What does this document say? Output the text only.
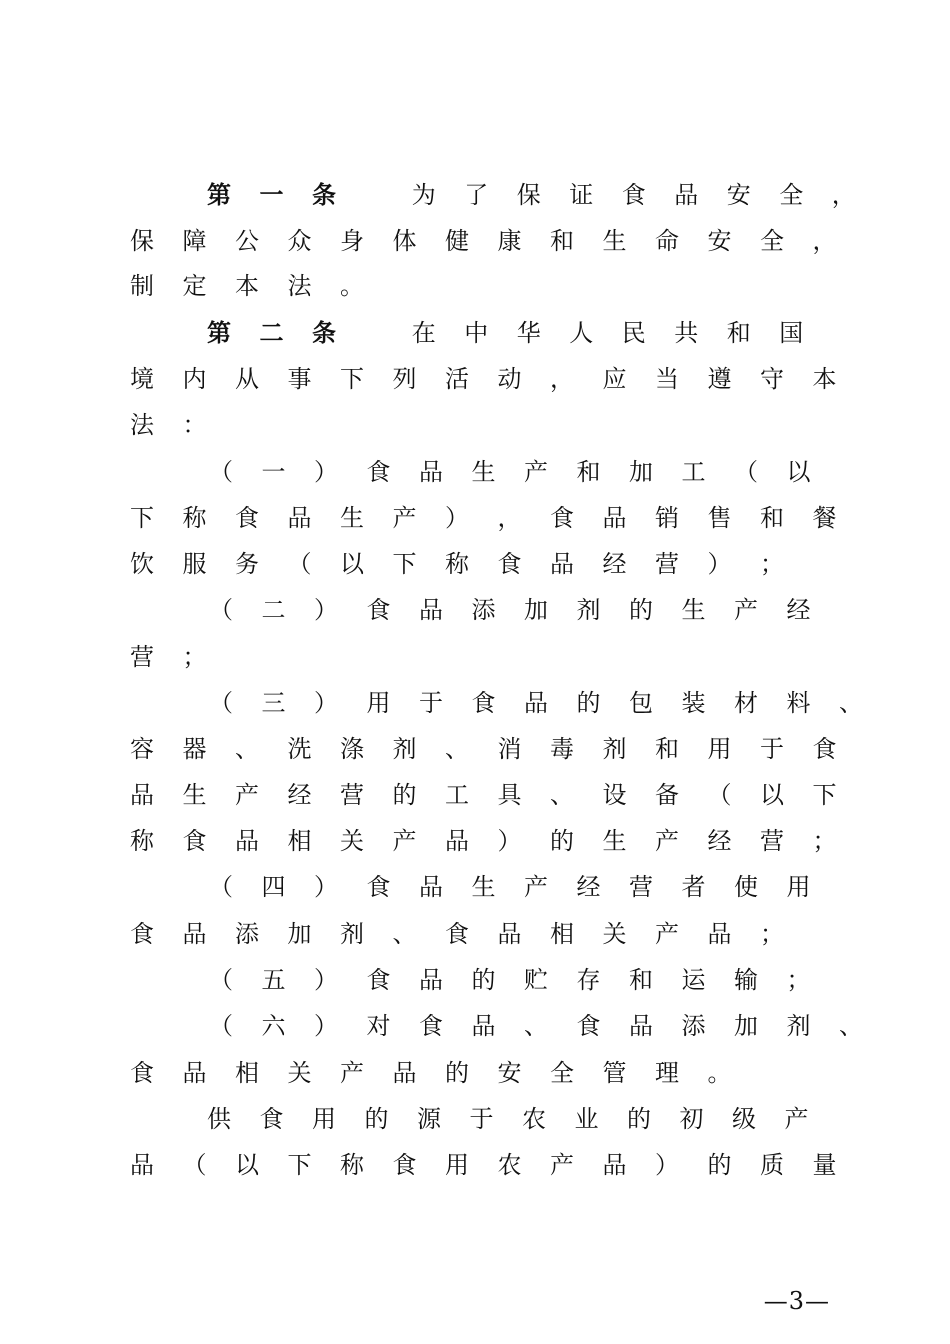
第 一 条	为 了 保 证 食 品 安 全 ，
保 障 公 众 身 体 健 康 和 生 命 安 全 ，
制 定 本 法 。
第 二 条	在 中 华 人 民 共 和 国
境 内 从 事 下 列 活 动 ， 应 当 遵 守 本
法 ：
（ 一 ） 食 品 生 产 和 加 工 （ 以
下 称 食 品 生 产 ） ， 食 品 销 售 和 餐
饮 服 务 （ 以 下 称 食 品 经 营 ） ；
（ 二 ） 食 品 添 加 剂 的 生 产 经
营 ；
（ 三 ） 用 于 食 品 的 包 装 材 料 、
容 器 、 洗 涤 剂 、 消 毒 剂 和 用 于 食
品 生 产 经 营 的 工 具 、 设 备 （ 以 下
称 食 品 相 关 产 品 ） 的 生 产 经 营 ；
（ 四 ） 食 品 生 产 经 营 者 使 用
食 品 添 加 剂 、 食 品 相 关 产 品 ；
（ 五 ） 食 品 的 贮 存 和 运 输 ；
（ 六 ） 对 食 品 、 食 品 添 加 剂 、
食 品 相 关 产 品 的 安 全 管 理 。
供 食 用 的 源 于 农 业 的 初 级 产
品 （ 以 下 称 食 用 农 产 品 ） 的 质 量
—3—
